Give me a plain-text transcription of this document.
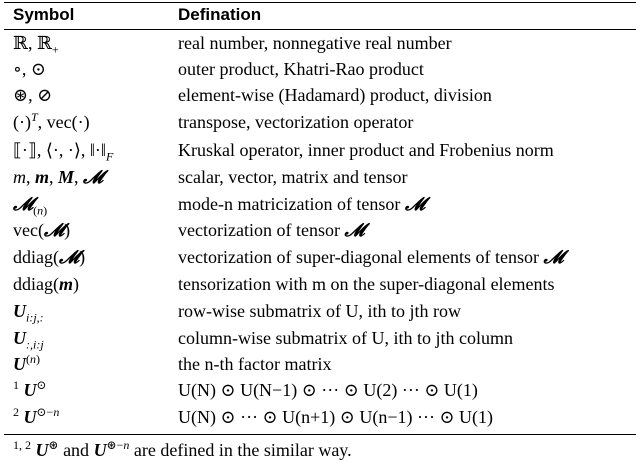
Symbol	Defination
ℝ, ℝ$_+$	real number, nonnegative real number
∘, ⊙	outer product, Khatri-Rao product
⊛, ⊘	element-wise (Hadamard) product, division
$(\cdot)^T$, vec(·)	transpose, vectorization operator
⟦·⟧, ⟨·, ·⟩, $‖\cdot‖_F$	Kruskal operator, inner product and Frobenius norm
m, m, M, 𝓜	scalar, vector, matrix and tensor
𝓜$_{(n)}$	mode-n matricization of tensor 𝓜
vec(𝓜)	vectorization of tensor 𝓜
ddiag(𝓜)	vectorization of super-diagonal elements of tensor 𝓜
ddiag(m)	tensorization with m on the super-diagonal elements
$U_{i:j,:}$	row-wise submatrix of U, ith to jth row
$U_{:,i:j}$	column-wise submatrix of U, ith to jth column
$U^{(n)}$	the n-th factor matrix
$^1$ U⊙	U(N) ⊙ U(N−1) ⊙ ··· ⊙ U(2) ··· ⊙ U(1)
$^2$ $U^{⊙-n}$	U(N) ⊙ ··· ⊙ U(n+1) ⊙ U(n−1) ··· ⊙ U(1)
$^{1, 2}$ U⊛ and $U^{⊛-n}$ are defined in the similar way.
